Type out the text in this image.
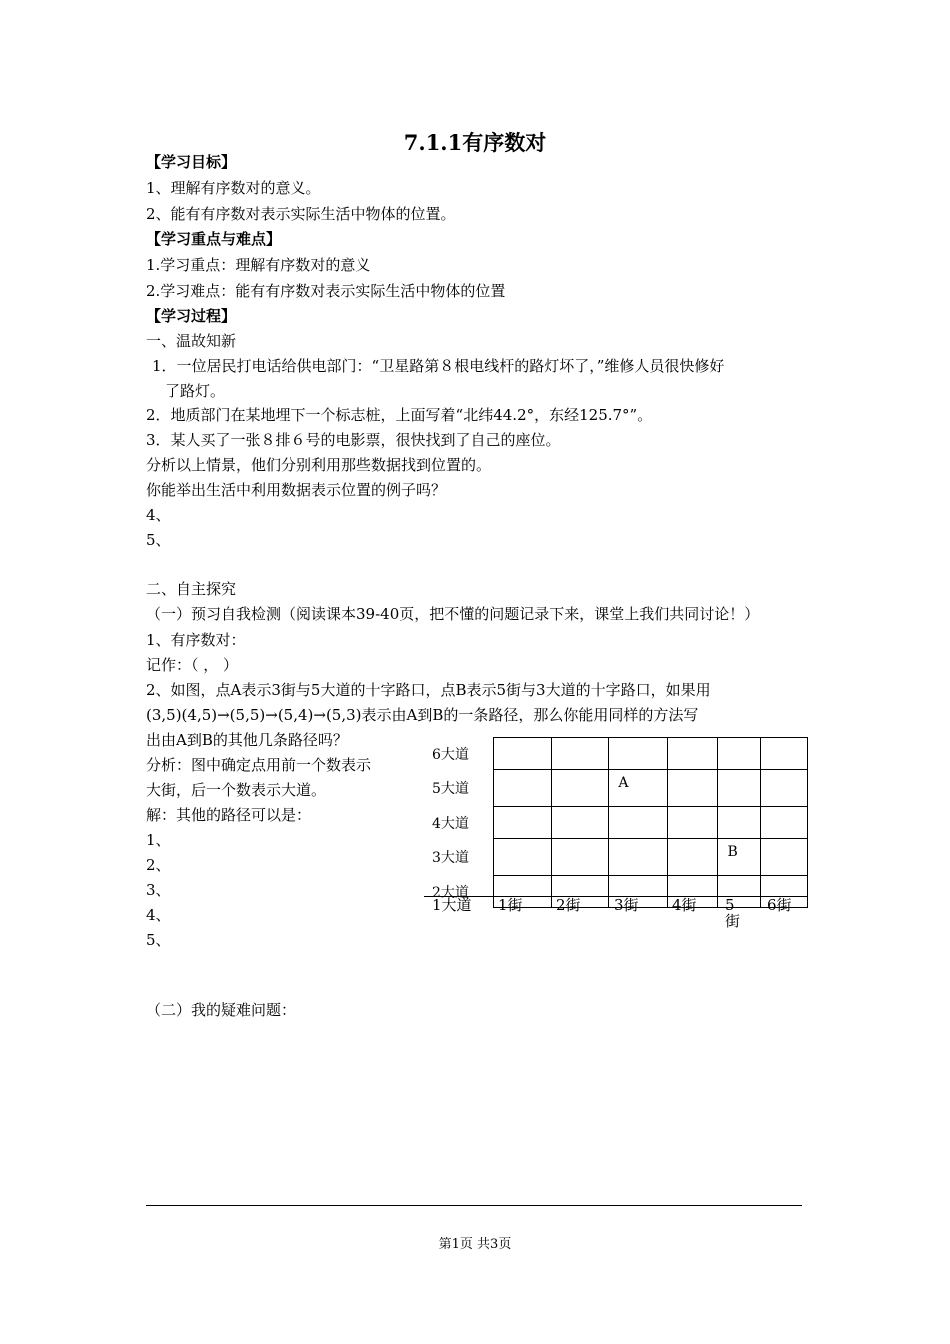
7.1.1有序数对
【学习目标】
1、理解有序数对的意义。
2、能有有序数对表示实际生活中物体的位置。
【学习重点与难点】
1.学习重点：理解有序数对的意义
2.学习难点：能有有序数对表示实际生活中物体的位置
【学习过程】
一、温故知新
1．一位居民打电话给供电部门：“卫星路第８根电线杆的路灯坏了，”维修人员很快修好
了路灯。
2．地质部门在某地埋下一个标志桩，上面写着“北纬44.2°，东经125.7°”。
3．某人买了一张８排６号的电影票，很快找到了自己的座位。
分析以上情景，他们分别利用那些数据找到位置的。
你能举出生活中利用数据表示位置的例子吗？
4、
5、
二、自主探究
（一）预习自我检测（阅读课本39-40页，把不懂的问题记录下来，课堂上我们共同讨论！）
1、有序数对：
记作：（ ， ）
2、如图，点A表示3街与5大道的十字路口，点B表示5街与3大道的十字路口，如果用
(3,5)(4,5)→(5,5)→(5,4)→(5,3)表示由A到B的一条路径，那么你能用同样的方法写
出由A到B的其他几条路径吗？
分析：图中确定点用前一个数表示
大街，后一个数表示大道。
解：其他的路径可以是：
1、
2、
3、
4、
5、
6大道						
5大道			A			
4大道						
3大道					B	
2大道						
1大道 1街 2街 3街 4街 5
街
6街
（二）我的疑难问题：
第1页 共3页
